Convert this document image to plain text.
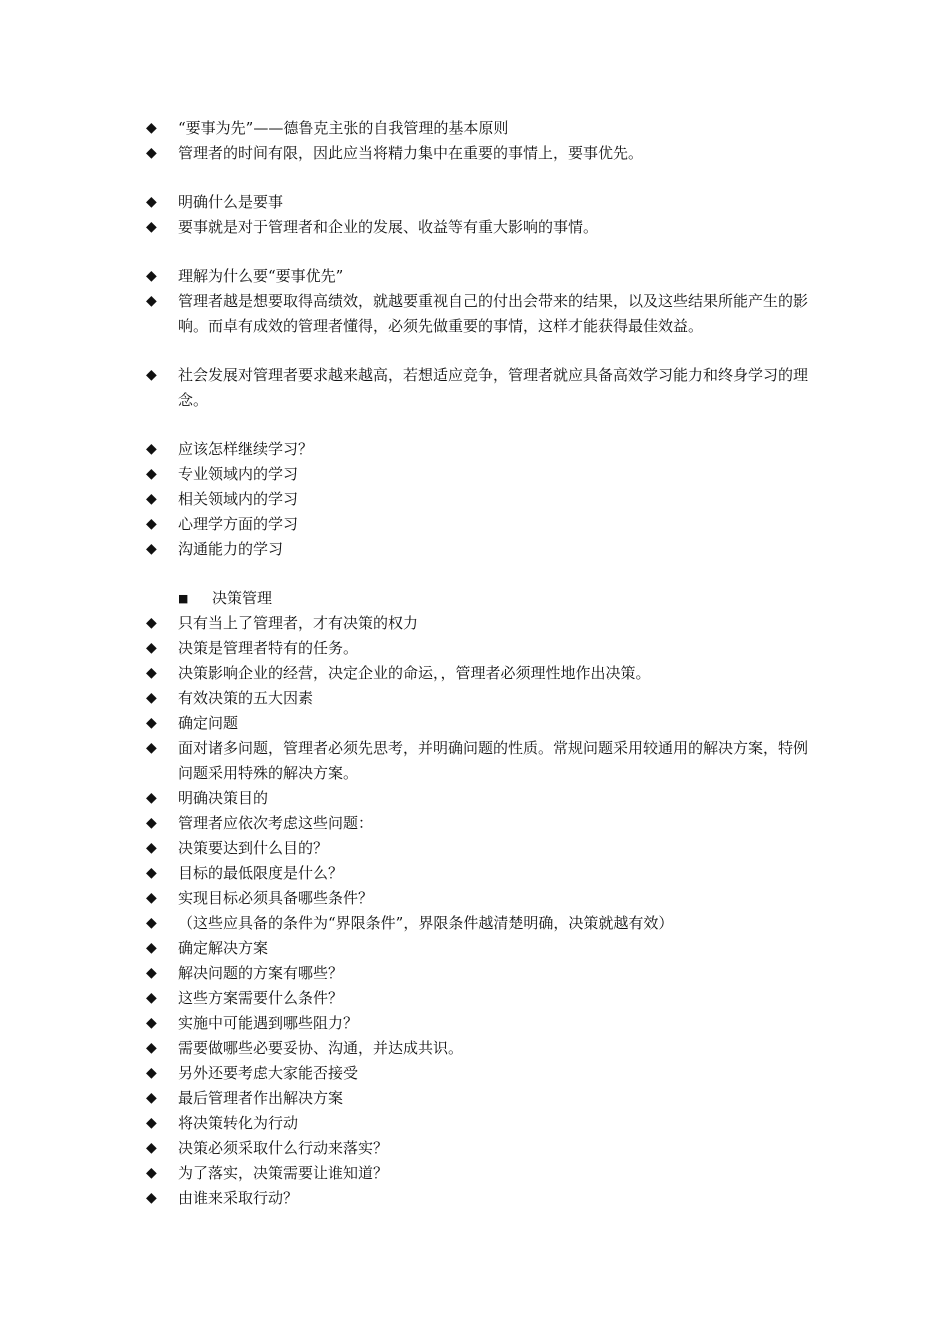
◆	“要事为先”——德鲁克主张的自我管理的基本原则
◆	管理者的时间有限，因此应当将精力集中在重要的事情上，要事优先。
◆	明确什么是要事
◆	要事就是对于管理者和企业的发展、收益等有重大影响的事情。
◆	理解为什么要“要事优先”
◆	管理者越是想要取得高绩效，就越要重视自己的付出会带来的结果，以及这些结果所能产生的影响。而卓有成效的管理者懂得，必须先做重要的事情，这样才能获得最佳效益。
◆	社会发展对管理者要求越来越高，若想适应竞争，管理者就应具备高效学习能力和终身学习的理念。
◆	应该怎样继续学习？
◆	专业领域内的学习
◆	相关领域内的学习
◆	心理学方面的学习
◆	沟通能力的学习
■	决策管理
◆	只有当上了管理者，才有决策的权力
◆	决策是管理者特有的任务。
◆	决策影响企业的经营，决定企业的命运，，管理者必须理性地作出决策。
◆	有效决策的五大因素
◆	确定问题
◆	面对诸多问题，管理者必须先思考，并明确问题的性质。常规问题采用较通用的解决方案，特例问题采用特殊的解决方案。
◆	明确决策目的
◆	管理者应依次考虑这些问题：
◆	决策要达到什么目的？
◆	目标的最低限度是什么？
◆	实现目标必须具备哪些条件？
◆	（这些应具备的条件为“界限条件”，界限条件越清楚明确，决策就越有效）
◆	确定解决方案
◆	解决问题的方案有哪些？
◆	这些方案需要什么条件？
◆	实施中可能遇到哪些阻力？
◆	需要做哪些必要妥协、沟通，并达成共识。
◆	另外还要考虑大家能否接受
◆	最后管理者作出解决方案
◆	将决策转化为行动
◆	决策必须采取什么行动来落实？
◆	为了落实，决策需要让谁知道？
◆	由谁来采取行动？
